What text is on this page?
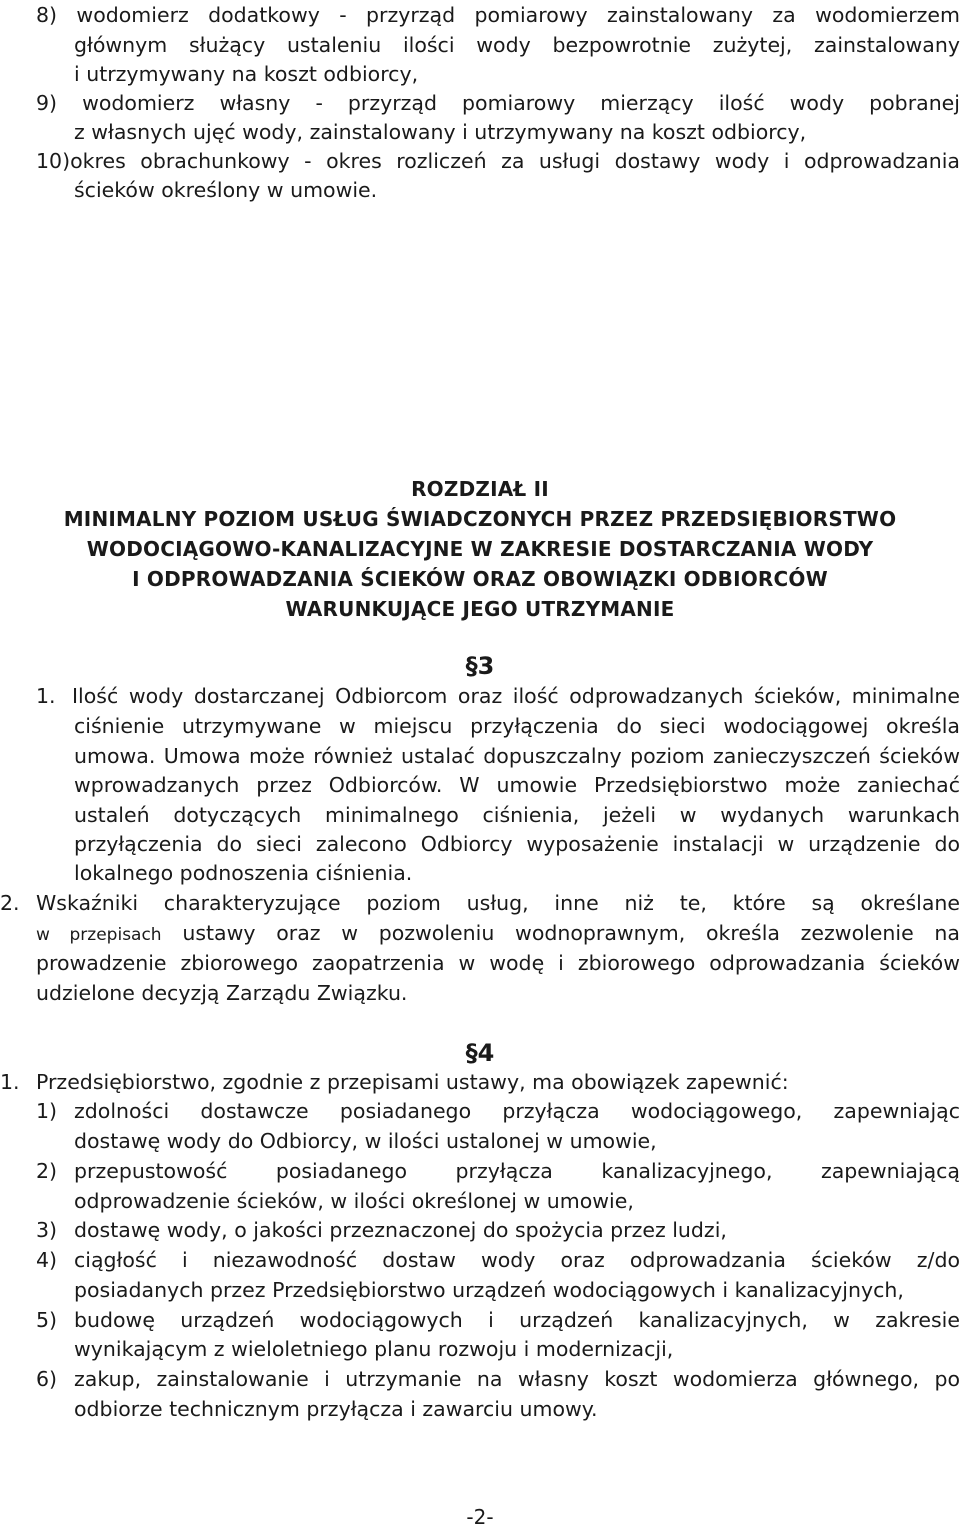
8) wodomierz dodatkowy - przyrząd pomiarowy zainstalowany za wodomierzem
głównym służący ustaleniu ilości wody bezpowrotnie zużytej, zainstalowany
i utrzymywany na koszt odbiorcy,
9) wodomierz własny - przyrząd pomiarowy mierzący ilość wody pobranej
z własnych ujęć wody, zainstalowany i utrzymywany na koszt odbiorcy,
10)okres obrachunkowy - okres rozliczeń za usługi dostawy wody i odprowadzania
ścieków określony w umowie.
ROZDZIAŁ II
MINIMALNY POZIOM USŁUG ŚWIADCZONYCH PRZEZ PRZEDSIĘBIORSTWO
WODOCIĄGOWO-KANALIZACYJNE W ZAKRESIE DOSTARCZANIA WODY
I ODPROWADZANIA ŚCIEKÓW ORAZ OBOWIĄZKI ODBIORCÓW
WARUNKUJĄCE JEGO UTRZYMANIE
§3
1. Ilość wody dostarczanej Odbiorcom oraz ilość odprowadzanych ścieków, minimalne
ciśnienie utrzymywane w miejscu przyłączenia do sieci wodociągowej określa
umowa. Umowa może również ustalać dopuszczalny poziom zanieczyszczeń ścieków
wprowadzanych przez Odbiorców. W umowie Przedsiębiorstwo może zaniechać
ustaleń dotyczących minimalnego ciśnienia, jeżeli w wydanych warunkach
przyłączenia do sieci zalecono Odbiorcy wyposażenie instalacji w urządzenie do
lokalnego podnoszenia ciśnienia.
2. Wskaźniki charakteryzujące poziom usług, inne niż te, które są określane
w przepisach ustawy oraz w pozwoleniu wodnoprawnym, określa zezwolenie na
prowadzenie zbiorowego zaopatrzenia w wodę i zbiorowego odprowadzania ścieków
udzielone decyzją Zarządu Związku.
§4
1. Przedsiębiorstwo, zgodnie z przepisami ustawy, ma obowiązek zapewnić:
1) zdolności dostawcze posiadanego przyłącza wodociągowego, zapewniając
dostawę wody do Odbiorcy, w ilości ustalonej w umowie,
2) przepustowość posiadanego przyłącza kanalizacyjnego, zapewniającą
odprowadzenie ścieków, w ilości określonej w umowie,
3) dostawę wody, o jakości przeznaczonej do spożycia przez ludzi,
4) ciągłość i niezawodność dostaw wody oraz odprowadzania ścieków z/do
posiadanych przez Przedsiębiorstwo urządzeń wodociągowych i kanalizacyjnych,
5) budowę urządzeń wodociągowych i urządzeń kanalizacyjnych, w zakresie
wynikającym z wieloletniego planu rozwoju i modernizacji,
6) zakup, zainstalowanie i utrzymanie na własny koszt wodomierza głównego, po
odbiorze technicznym przyłącza i zawarciu umowy.
-2-
